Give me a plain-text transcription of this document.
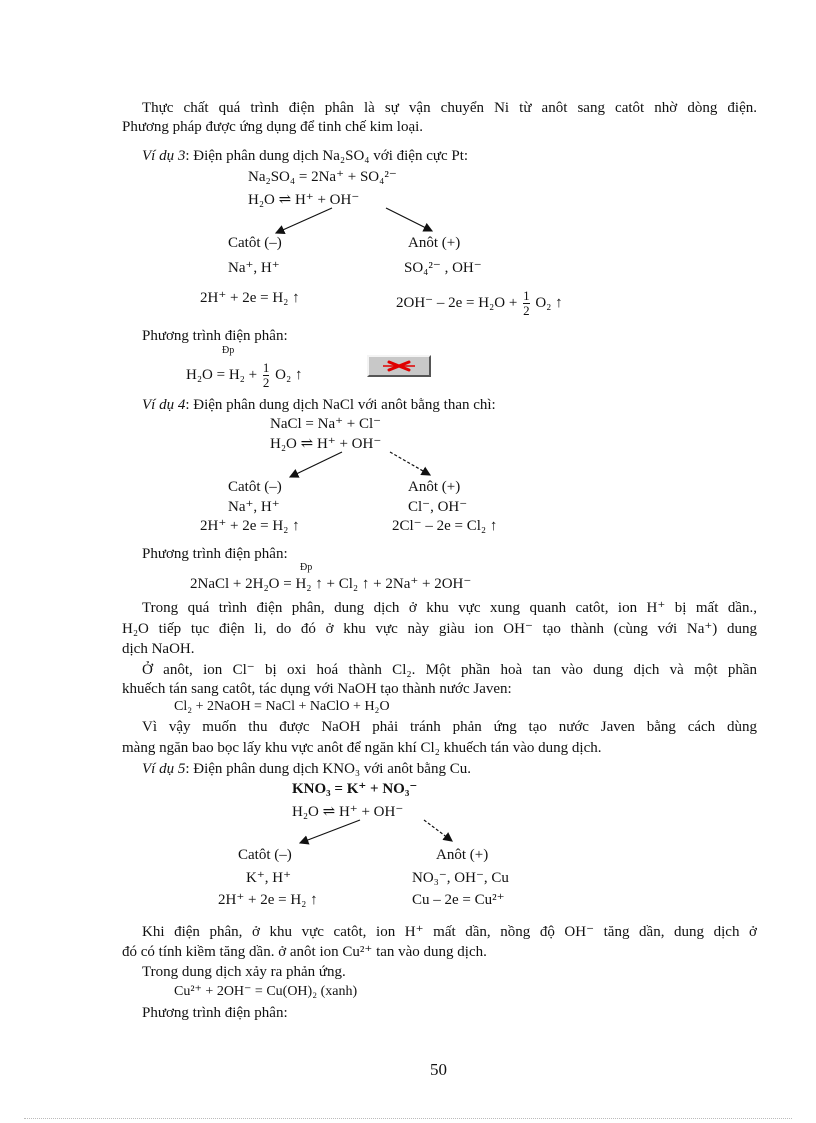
Thực chất quá trình điện phân là sự vận chuyển Ni từ anôt sang catôt nhờ dòng điện.
Phương pháp được ứng dụng để tinh chế kim loại.
Ví dụ 3: Điện phân dung dịch Na₂SO₄ với điện cực Pt:
Na₂SO₄ = 2Na⁺ + SO₄²⁻
H₂O ⇌ H⁺ + OH⁻
Catôt (–)	Anôt (+)
Na⁺, H⁺	SO₄²⁻ , OH⁻
2H⁺ + 2e = H₂ ↑	$2OH^- - 2e = H_2O + \frac{1}{2} O_2$ ↑
Phương trình điện phân:
Đp
$H_2O = H_2 + \frac{1}{2} O_2$ ↑
Ví dụ 4: Điện phân dung dịch NaCl với anôt bằng than chì:
NaCl = Na⁺ + Cl⁻
H₂O ⇌ H⁺ + OH⁻
Catôt (–)	Anôt (+)
Na⁺, H⁺	Cl⁻, OH⁻
2H⁺ + 2e = H₂ ↑	2Cl⁻ – 2e = Cl₂ ↑
Phương trình điện phân:
Đp
2NaCl + 2H₂O = H₂ ↑ + Cl₂ ↑ + 2Na⁺ + 2OH⁻
Trong quá trình điện phân, dung dịch ở khu vực xung quanh catôt, ion H⁺ bị mất dần.,
H₂O tiếp tục điện li, do đó ở khu vực này giàu ion OH⁻ tạo thành (cùng với Na⁺) dung
dịch NaOH.
Ở anôt, ion Cl⁻ bị oxi hoá thành Cl₂. Một phần hoà tan vào dung dịch và một phần
khuếch tán sang catôt, tác dụng với NaOH tạo thành nước Javen:
Cl₂ + 2NaOH = NaCl + NaClO + H₂O
Vì vậy muốn thu được NaOH phải tránh phản ứng tạo nước Javen bằng cách dùng
màng ngăn bao bọc lấy khu vực anôt để ngăn khí Cl₂ khuếch tán vào dung dịch.
Ví dụ 5: Điện phân dung dịch KNO₃ với anôt bằng Cu.
KNO₃ = K⁺ + NO₃⁻
H₂O ⇌ H⁺ + OH⁻
Catôt (–)	Anôt (+)
K⁺, H⁺	NO₃⁻, OH⁻, Cu
2H⁺ + 2e = H₂ ↑	Cu – 2e = Cu²⁺
Khi điện phân, ở khu vực catôt, ion H⁺ mất dần, nồng độ OH⁻ tăng dần, dung dịch ở
đó có tính kiềm tăng dần. ở anôt ion Cu²⁺ tan vào dung dịch.
Trong dung dịch xảy ra phản ứng.
Cu²⁺ + 2OH⁻ = Cu(OH)₂ (xanh)
Phương trình điện phân:
50
